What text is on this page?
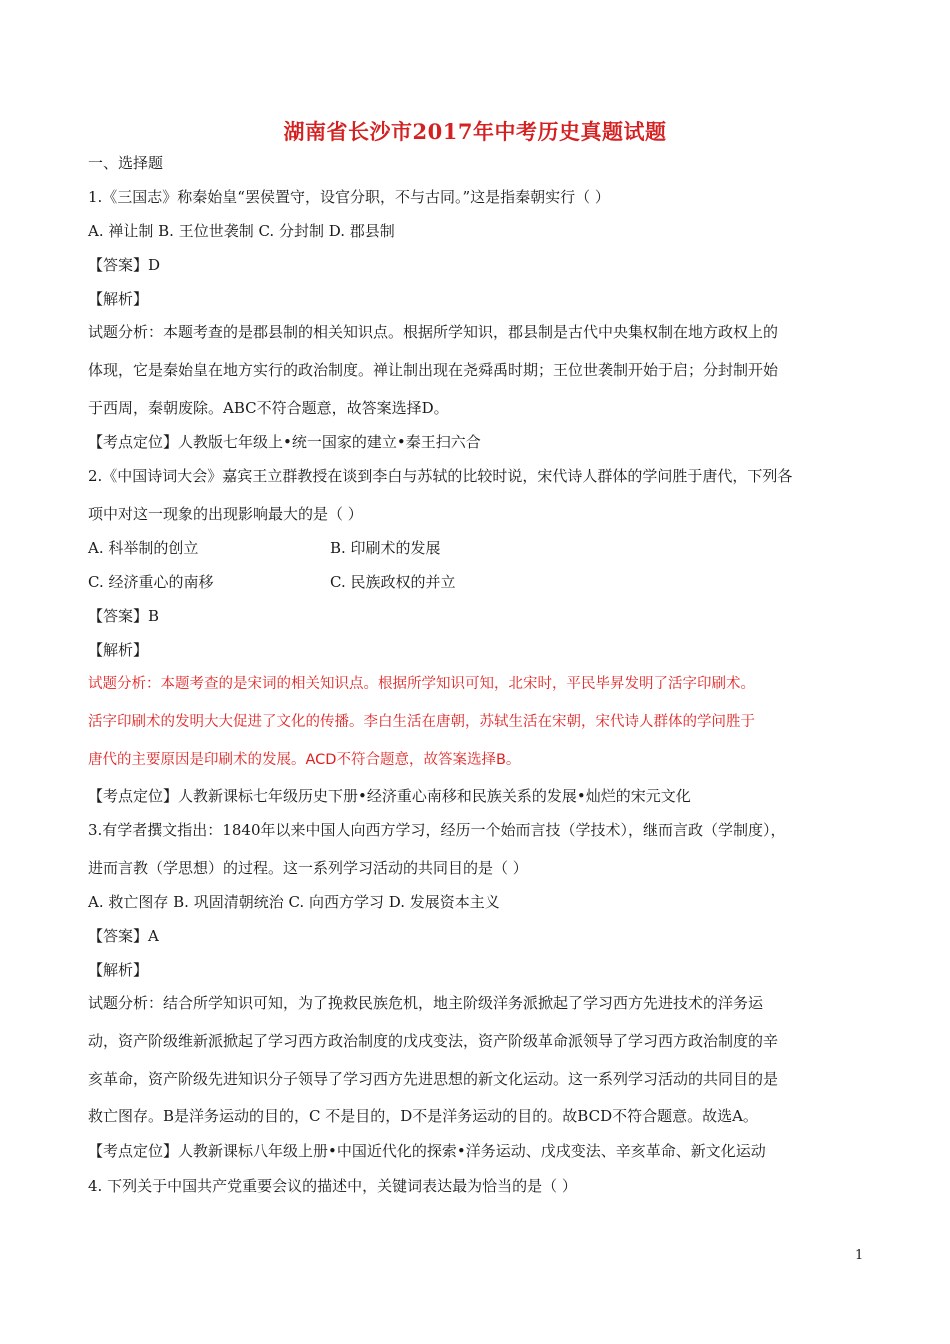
湖南省长沙市2017年中考历史真题试题
一、选择题
1.《三国志》称秦始皇“罢侯置守，设官分职，不与古同。”这是指秦朝实行（ ）
A. 禅让制 B. 王位世袭制 C. 分封制 D. 郡县制
【答案】D
【解析】
试题分析：本题考查的是郡县制的相关知识点。根据所学知识，郡县制是古代中央集权制在地方政权上的
体现，它是秦始皇在地方实行的政治制度。禅让制出现在尧舜禹时期；王位世袭制开始于启；分封制开始
于西周，秦朝废除。ABC不符合题意，故答案选择D。
【考点定位】人教版七年级上•统一国家的建立•秦王扫六合
2.《中国诗词大会》嘉宾王立群教授在谈到李白与苏轼的比较时说，宋代诗人群体的学问胜于唐代，下列各
项中对这一现象的出现影响最大的是（ ）
A. 科举制的创立	B. 印刷术的发展
C. 经济重心的南移	C. 民族政权的并立
【答案】B
【解析】
试题分析：本题考查的是宋词的相关知识点。根据所学知识可知，北宋时，平民毕昇发明了活字印刷术。
活字印刷术的发明大大促进了文化的传播。李白生活在唐朝，苏轼生活在宋朝，宋代诗人群体的学问胜于
唐代的主要原因是印刷术的发展。ACD不符合题意，故答案选择B。
【考点定位】人教新课标七年级历史下册•经济重心南移和民族关系的发展•灿烂的宋元文化
3.有学者撰文指出：1840年以来中国人向西方学习，经历一个始而言技（学技术），继而言政（学制度），
进而言教（学思想）的过程。这一系列学习活动的共同目的是（ ）
A. 救亡图存 B. 巩固清朝统治 C. 向西方学习 D. 发展资本主义
【答案】A
【解析】
试题分析：结合所学知识可知，为了挽救民族危机，地主阶级洋务派掀起了学习西方先进技术的洋务运
动，资产阶级维新派掀起了学习西方政治制度的戊戌变法，资产阶级革命派领导了学习西方政治制度的辛
亥革命，资产阶级先进知识分子领导了学习西方先进思想的新文化运动。这一系列学习活动的共同目的是
救亡图存。B是洋务运动的目的，C 不是目的，D不是洋务运动的目的。故BCD不符合题意。故选A。
【考点定位】人教新课标八年级上册•中国近代化的探索•洋务运动、戊戌变法、辛亥革命、新文化运动
4. 下列关于中国共产党重要会议的描述中，关键词表达最为恰当的是（ ）
1
